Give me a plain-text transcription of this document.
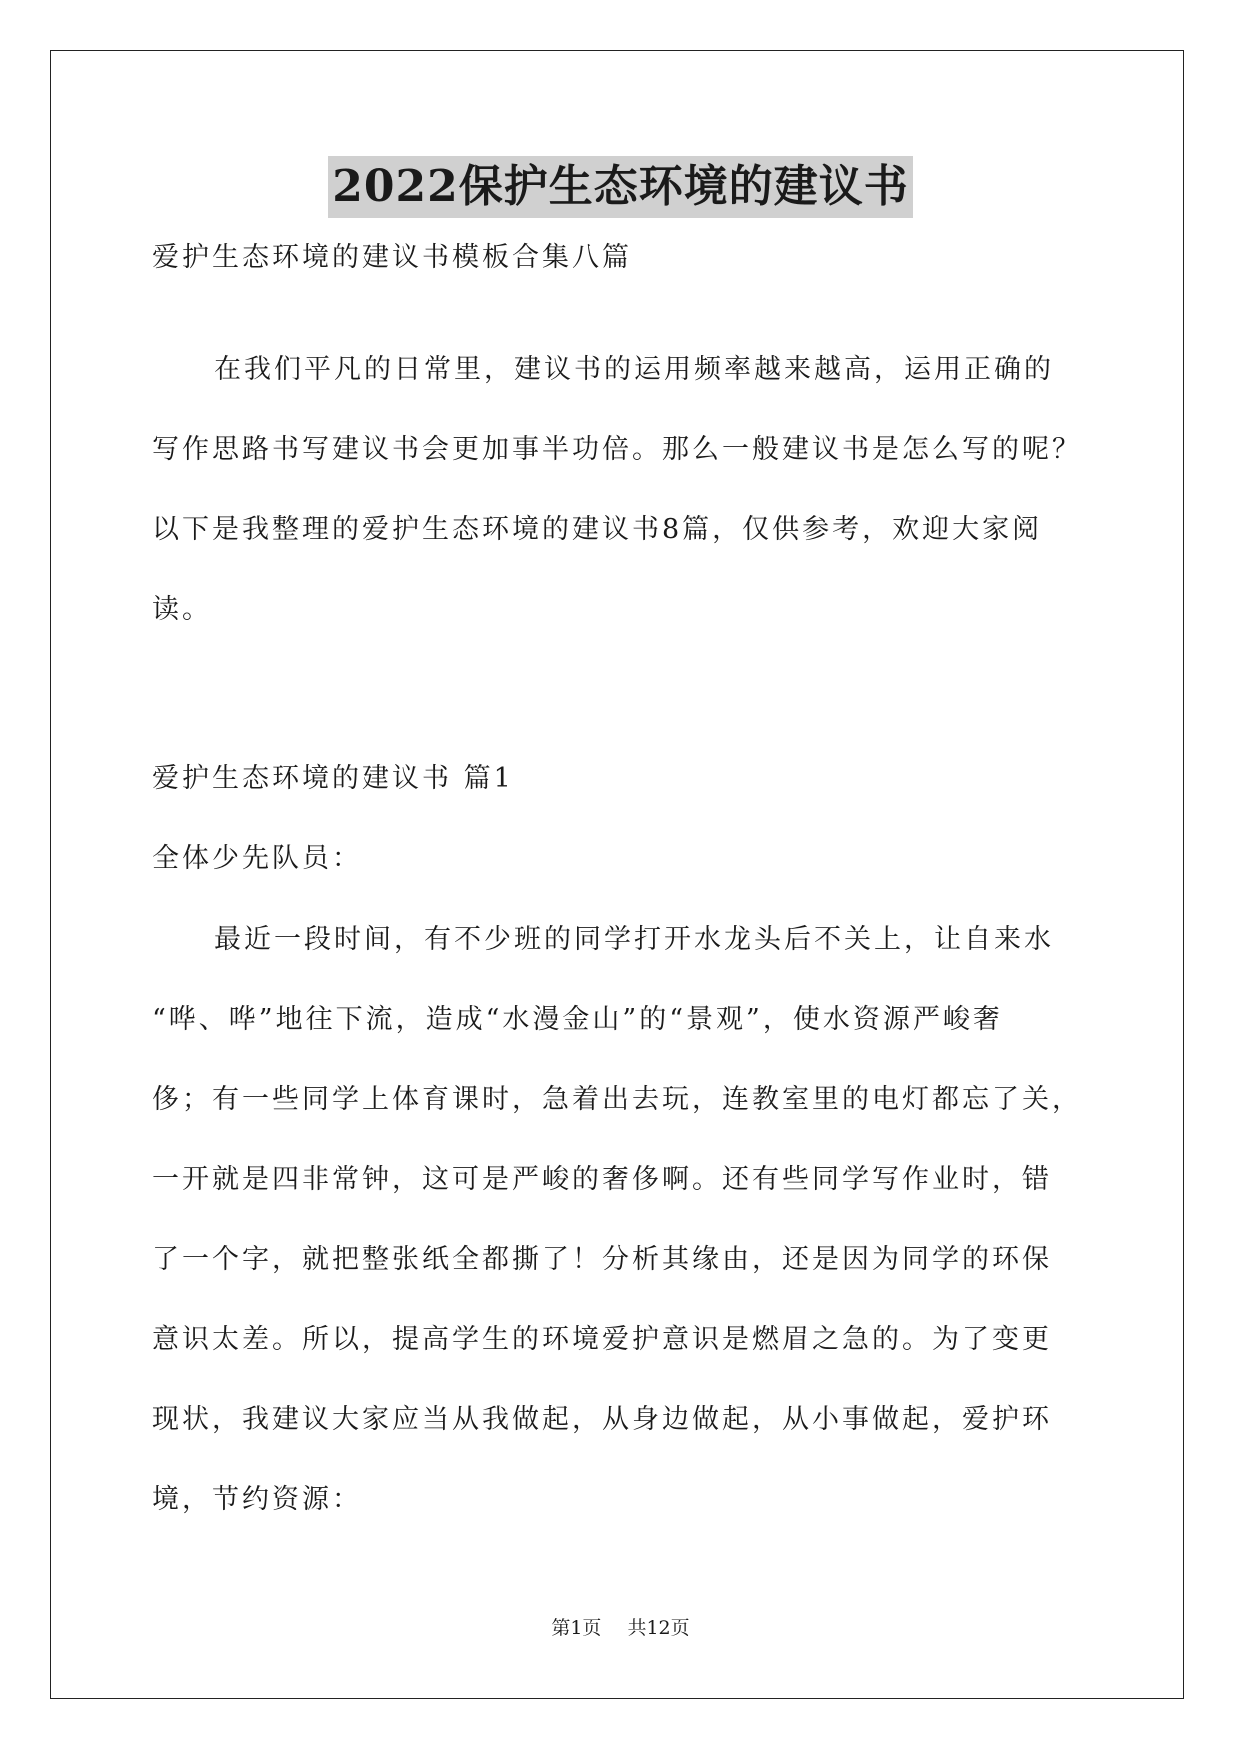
2022保护生态环境的建议书
爱护生态环境的建议书模板合集八篇
在我们平凡的日常里，建议书的运用频率越来越高，运用正确的
写作思路书写建议书会更加事半功倍。那么一般建议书是怎么写的呢？
以下是我整理的爱护生态环境的建议书8篇，仅供参考，欢迎大家阅
读。
爱护生态环境的建议书 篇1
全体少先队员：
最近一段时间，有不少班的同学打开水龙头后不关上，让自来水
“哗、哗”地往下流，造成“水漫金山”的“景观”，使水资源严峻奢
侈；有一些同学上体育课时，急着出去玩，连教室里的电灯都忘了关，
一开就是四非常钟，这可是严峻的奢侈啊。还有些同学写作业时，错
了一个字，就把整张纸全都撕了！分析其缘由，还是因为同学的环保
意识太差。所以，提高学生的环境爱护意识是燃眉之急的。为了变更
现状，我建议大家应当从我做起，从身边做起，从小事做起，爱护环
境，节约资源：
第1页 共12页
